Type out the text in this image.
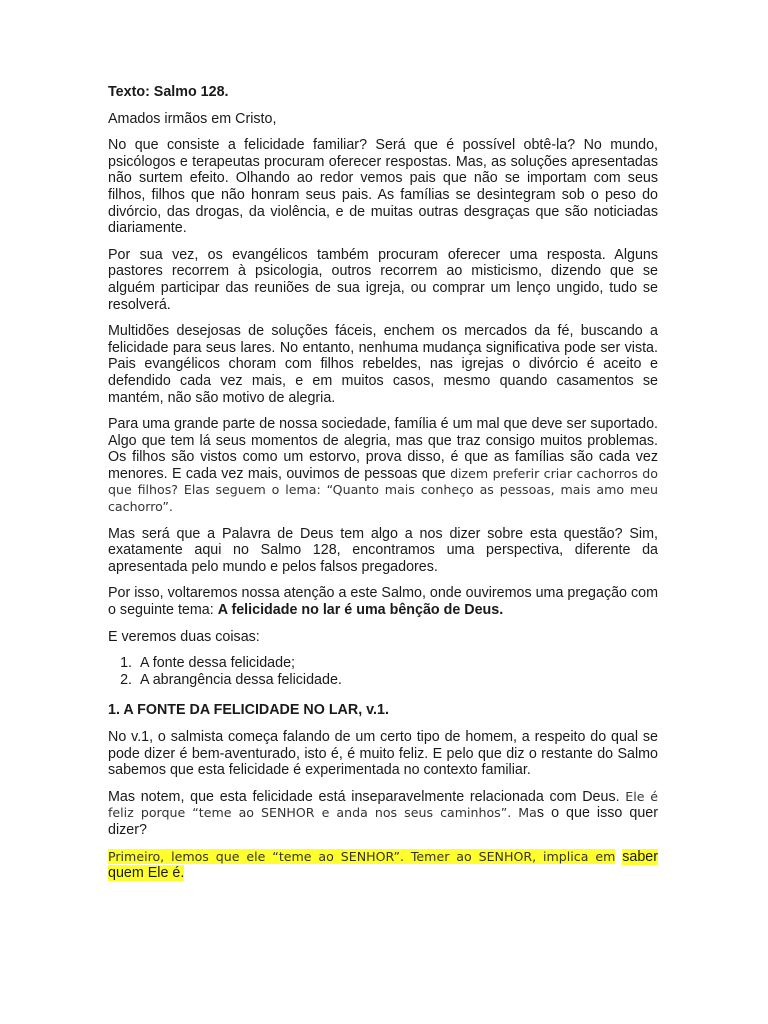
Texto: Salmo 128.
Amados irmãos em Cristo,
No que consiste a felicidade familiar? Será que é possível obtê-la? No mundo, psicólogos e terapeutas procuram oferecer respostas. Mas, as soluções apresentadas não surtem efeito. Olhando ao redor vemos pais que não se importam com seus filhos, filhos que não honram seus pais. As famílias se desintegram sob o peso do divórcio, das drogas, da violência, e de muitas outras desgraças que são noticiadas diariamente.
Por sua vez, os evangélicos também procuram oferecer uma resposta. Alguns pastores recorrem à psicologia, outros recorrem ao misticismo, dizendo que se alguém participar das reuniões de sua igreja, ou comprar um lenço ungido, tudo se resolverá.
Multidões desejosas de soluções fáceis, enchem os mercados da fé, buscando a felicidade para seus lares. No entanto, nenhuma mudança significativa pode ser vista. Pais evangélicos choram com filhos rebeldes, nas igrejas o divórcio é aceito e defendido cada vez mais, e em muitos casos, mesmo quando casamentos se mantém, não são motivo de alegria.
Para uma grande parte de nossa sociedade, família é um mal que deve ser suportado. Algo que tem lá seus momentos de alegria, mas que traz consigo muitos problemas. Os filhos são vistos como um estorvo, prova disso, é que as famílias são cada vez menores. E cada vez mais, ouvimos de pessoas que dizem preferir criar cachorros do que filhos? Elas seguem o lema: “Quanto mais conheço as pessoas, mais amo meu cachorro”.
Mas será que a Palavra de Deus tem algo a nos dizer sobre esta questão? Sim, exatamente aqui no Salmo 128, encontramos uma perspectiva, diferente da apresentada pelo mundo e pelos falsos pregadores.
Por isso, voltaremos nossa atenção a este Salmo, onde ouviremos uma pregação com o seguinte tema: A felicidade no lar é uma bênção de Deus.
E veremos duas coisas:
1. A fonte dessa felicidade;
2. A abrangência dessa felicidade.
1. A FONTE DA FELICIDADE NO LAR, v.1.
No v.1, o salmista começa falando de um certo tipo de homem, a respeito do qual se pode dizer é bem-aventurado, isto é, é muito feliz. E pelo que diz o restante do Salmo sabemos que esta felicidade é experimentada no contexto familiar.
Mas notem, que esta felicidade está inseparavelmente relacionada com Deus. Ele é feliz porque “teme ao SENHOR e anda nos seus caminhos”. Mas o que isso quer dizer?
Primeiro, lemos que ele “teme ao SENHOR”. Temer ao SENHOR, implica em saber quem Ele é.
